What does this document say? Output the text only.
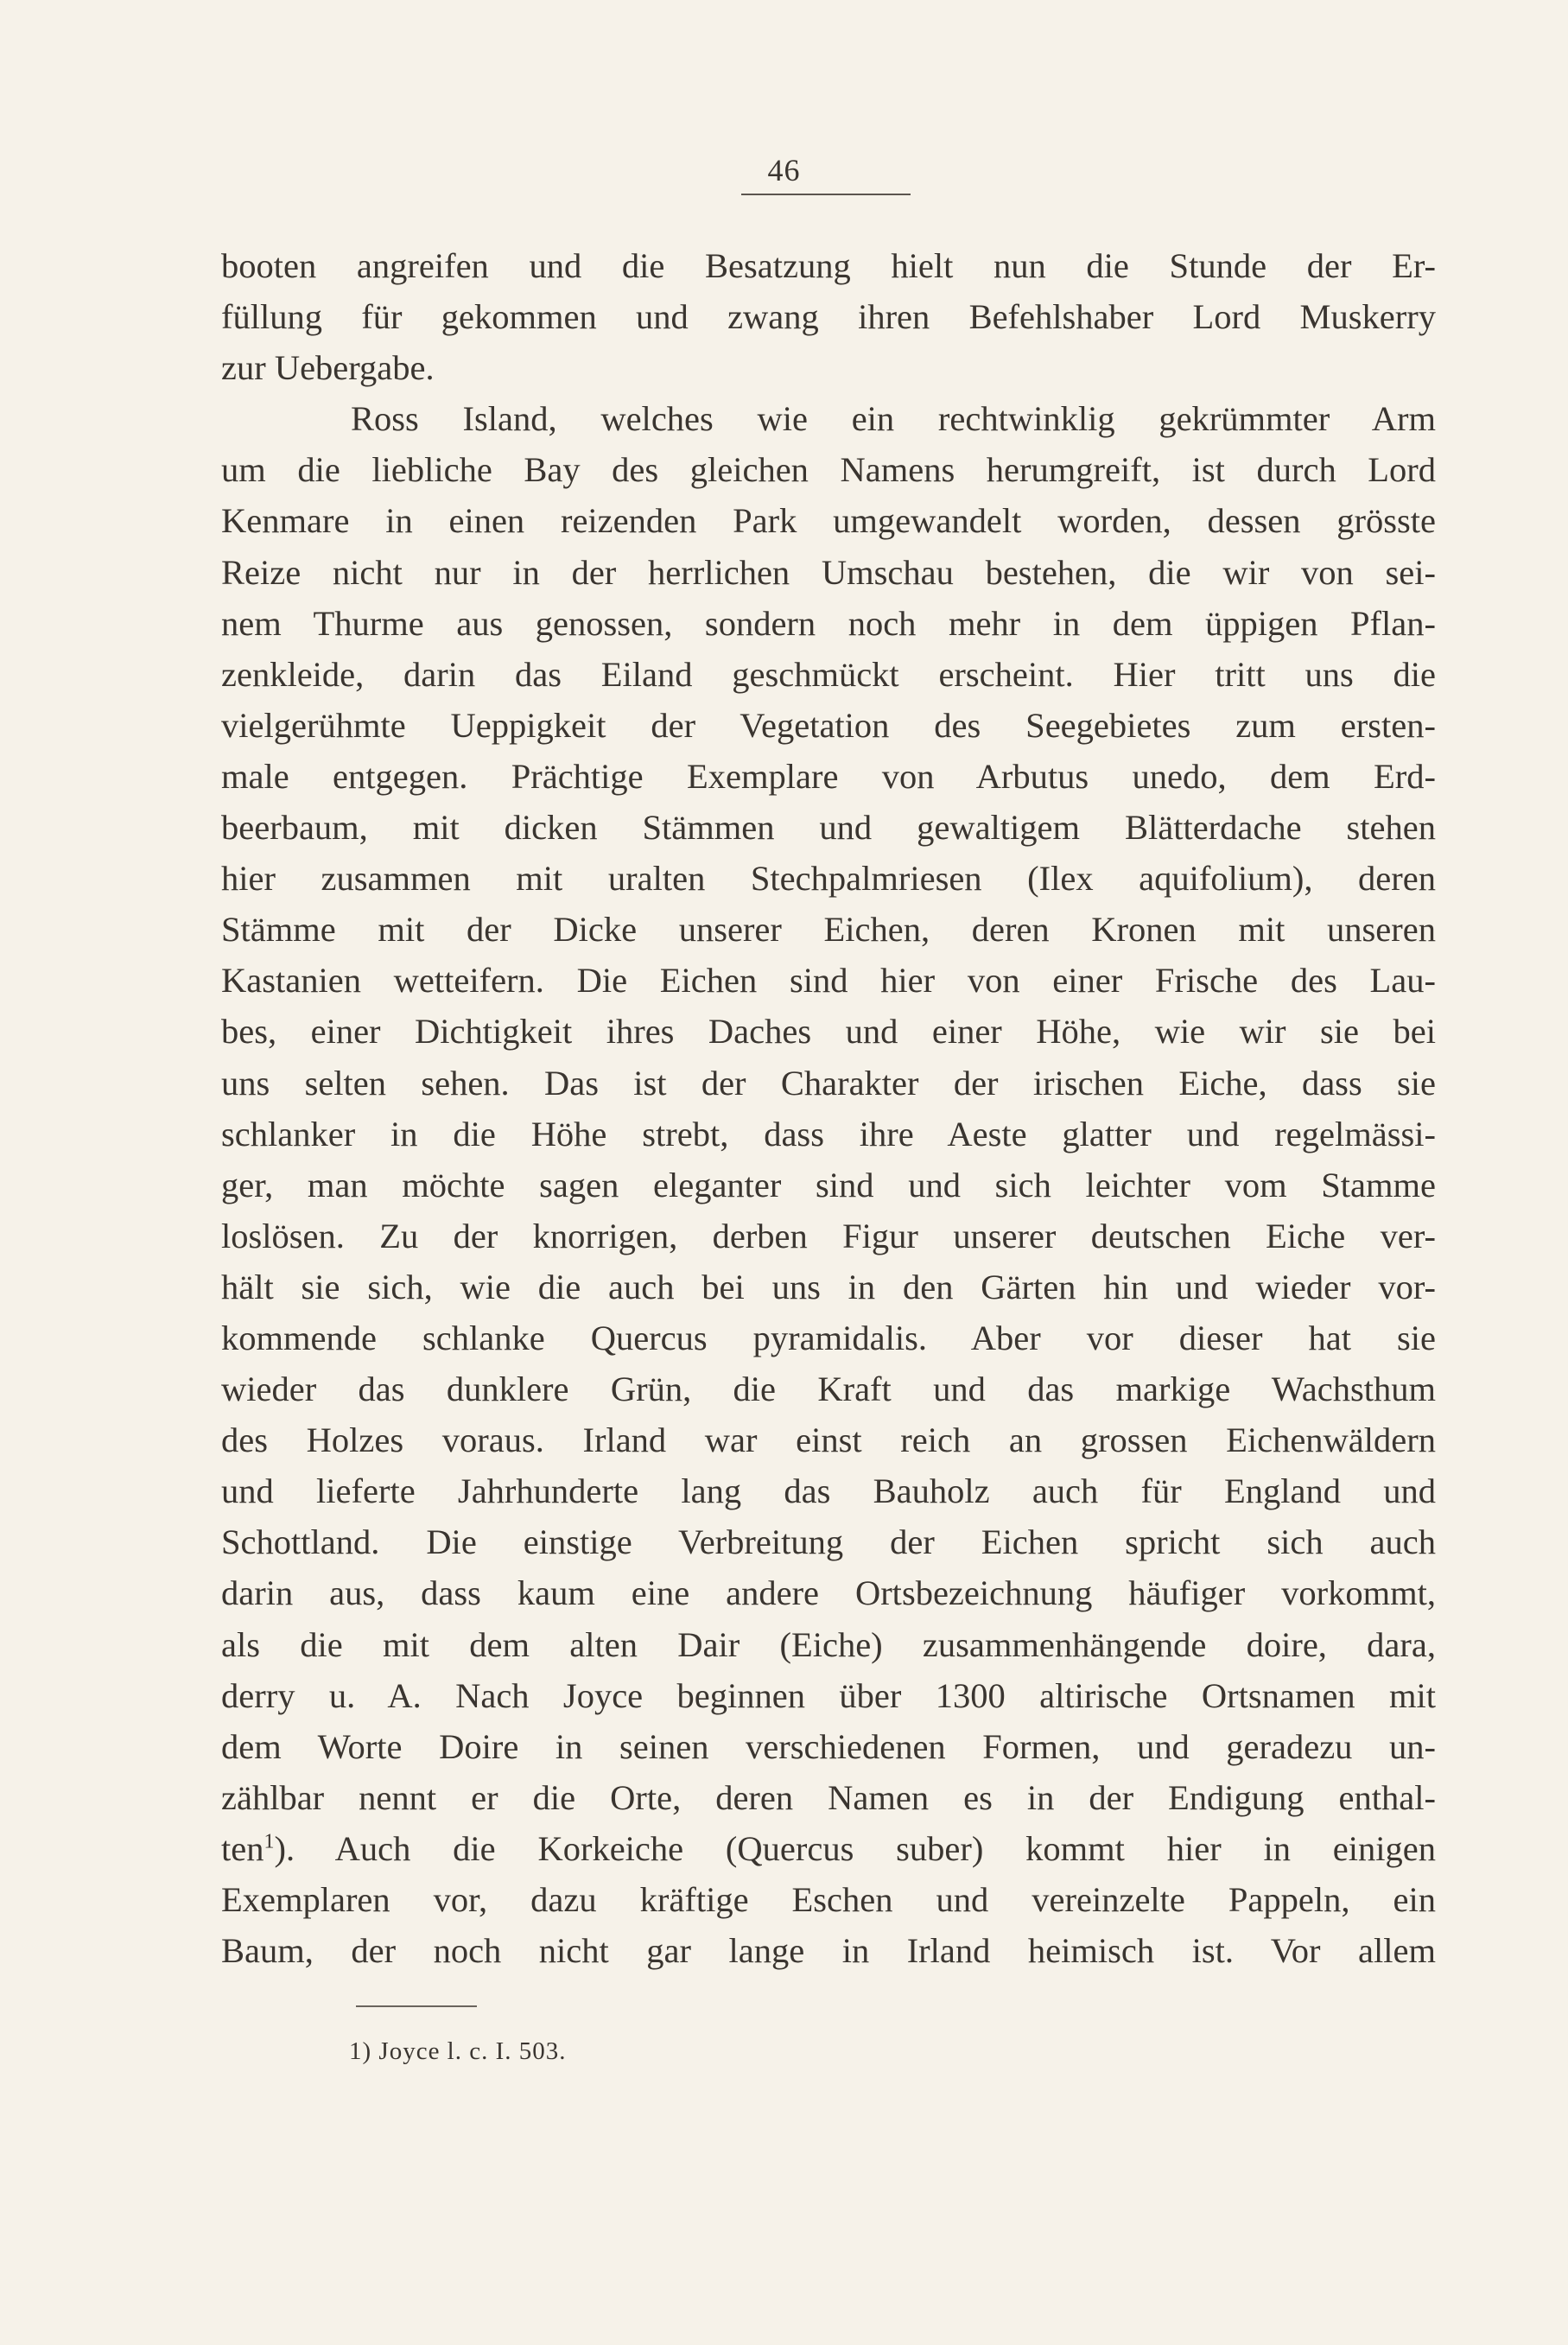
46

booten angreifen und die Besatzung hielt nun die Stunde der Er-
füllung für gekommen und zwang ihren Befehlshaber Lord Muskerry
zur Uebergabe.

Ross Island, welches wie ein rechtwinklig gekrümmter Arm
um die liebliche Bay des gleichen Namens herumgreift, ist durch Lord
Kenmare in einen reizenden Park umgewandelt worden, dessen grösste
Reize nicht nur in der herrlichen Umschau bestehen, die wir von sei-
nem Thurme aus genossen, sondern noch mehr in dem üppigen Pflan-
zenkleide, darin das Eiland geschmückt erscheint. Hier tritt uns die
vielgerühmte Ueppigkeit der Vegetation des Seegebietes zum ersten-
male entgegen. Prächtige Exemplare von Arbutus unedo, dem Erd-
beerbaum, mit dicken Stämmen und gewaltigem Blätterdache stehen
hier zusammen mit uralten Stechpalmriesen (Ilex aquifolium), deren
Stämme mit der Dicke unserer Eichen, deren Kronen mit unseren
Kastanien wetteifern. Die Eichen sind hier von einer Frische des Lau-
bes, einer Dichtigkeit ihres Daches und einer Höhe, wie wir sie bei
uns selten sehen. Das ist der Charakter der irischen Eiche, dass sie
schlanker in die Höhe strebt, dass ihre Aeste glatter und regelmässi-
ger, man möchte sagen eleganter sind und sich leichter vom Stamme
loslösen. Zu der knorrigen, derben Figur unserer deutschen Eiche ver-
hält sie sich, wie die auch bei uns in den Gärten hin und wieder vor-
kommende schlanke Quercus pyramidalis. Aber vor dieser hat sie
wieder das dunklere Grün, die Kraft und das markige Wachsthum
des Holzes voraus. Irland war einst reich an grossen Eichenwäldern
und lieferte Jahrhunderte lang das Bauholz auch für England und
Schottland. Die einstige Verbreitung der Eichen spricht sich auch
darin aus, dass kaum eine andere Ortsbezeichnung häufiger vorkommt,
als die mit dem alten Dair (Eiche) zusammenhängende doire, dara,
derry u. A. Nach Joyce beginnen über 1300 altirische Ortsnamen mit
dem Worte Doire in seinen verschiedenen Formen, und geradezu un-
zählbar nennt er die Orte, deren Namen es in der Endigung enthal-
ten$^1$). Auch die Korkeiche (Quercus suber) kommt hier in einigen
Exemplaren vor, dazu kräftige Eschen und vereinzelte Pappeln, ein
Baum, der noch nicht gar lange in Irland heimisch ist. Vor allem

1) Joyce l. c. I. 503.
